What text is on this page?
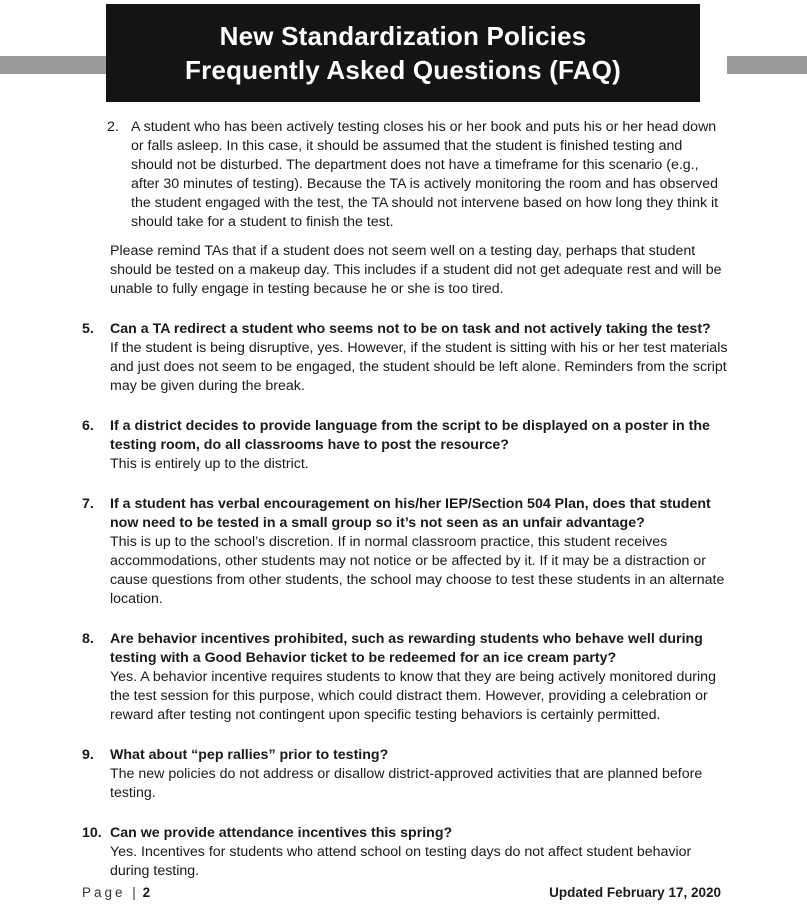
New Standardization Policies
Frequently Asked Questions (FAQ)
2. A student who has been actively testing closes his or her book and puts his or her head down or falls asleep. In this case, it should be assumed that the student is finished testing and should not be disturbed. The department does not have a timeframe for this scenario (e.g., after 30 minutes of testing). Because the TA is actively monitoring the room and has observed the student engaged with the test, the TA should not intervene based on how long they think it should take for a student to finish the test.
Please remind TAs that if a student does not seem well on a testing day, perhaps that student should be tested on a makeup day. This includes if a student did not get adequate rest and will be unable to fully engage in testing because he or she is too tired.
5.	Can a TA redirect a student who seems not to be on task and not actively taking the test?
If the student is being disruptive, yes. However, if the student is sitting with his or her test materials and just does not seem to be engaged, the student should be left alone. Reminders from the script may be given during the break.
6.	If a district decides to provide language from the script to be displayed on a poster in the testing room, do all classrooms have to post the resource?
This is entirely up to the district.
7.	If a student has verbal encouragement on his/her IEP/Section 504 Plan, does that student now need to be tested in a small group so it’s not seen as an unfair advantage?
This is up to the school’s discretion. If in normal classroom practice, this student receives accommodations, other students may not notice or be affected by it. If it may be a distraction or cause questions from other students, the school may choose to test these students in an alternate location.
8.	Are behavior incentives prohibited, such as rewarding students who behave well during testing with a Good Behavior ticket to be redeemed for an ice cream party?
Yes. A behavior incentive requires students to know that they are being actively monitored during the test session for this purpose, which could distract them. However, providing a celebration or reward after testing not contingent upon specific testing behaviors is certainly permitted.
9.	What about “pep rallies” prior to testing?
The new policies do not address or disallow district-approved activities that are planned before testing.
10. Can we provide attendance incentives this spring?
Yes. Incentives for students who attend school on testing days do not affect student behavior during testing.
Page | 2	Updated February 17, 2020
